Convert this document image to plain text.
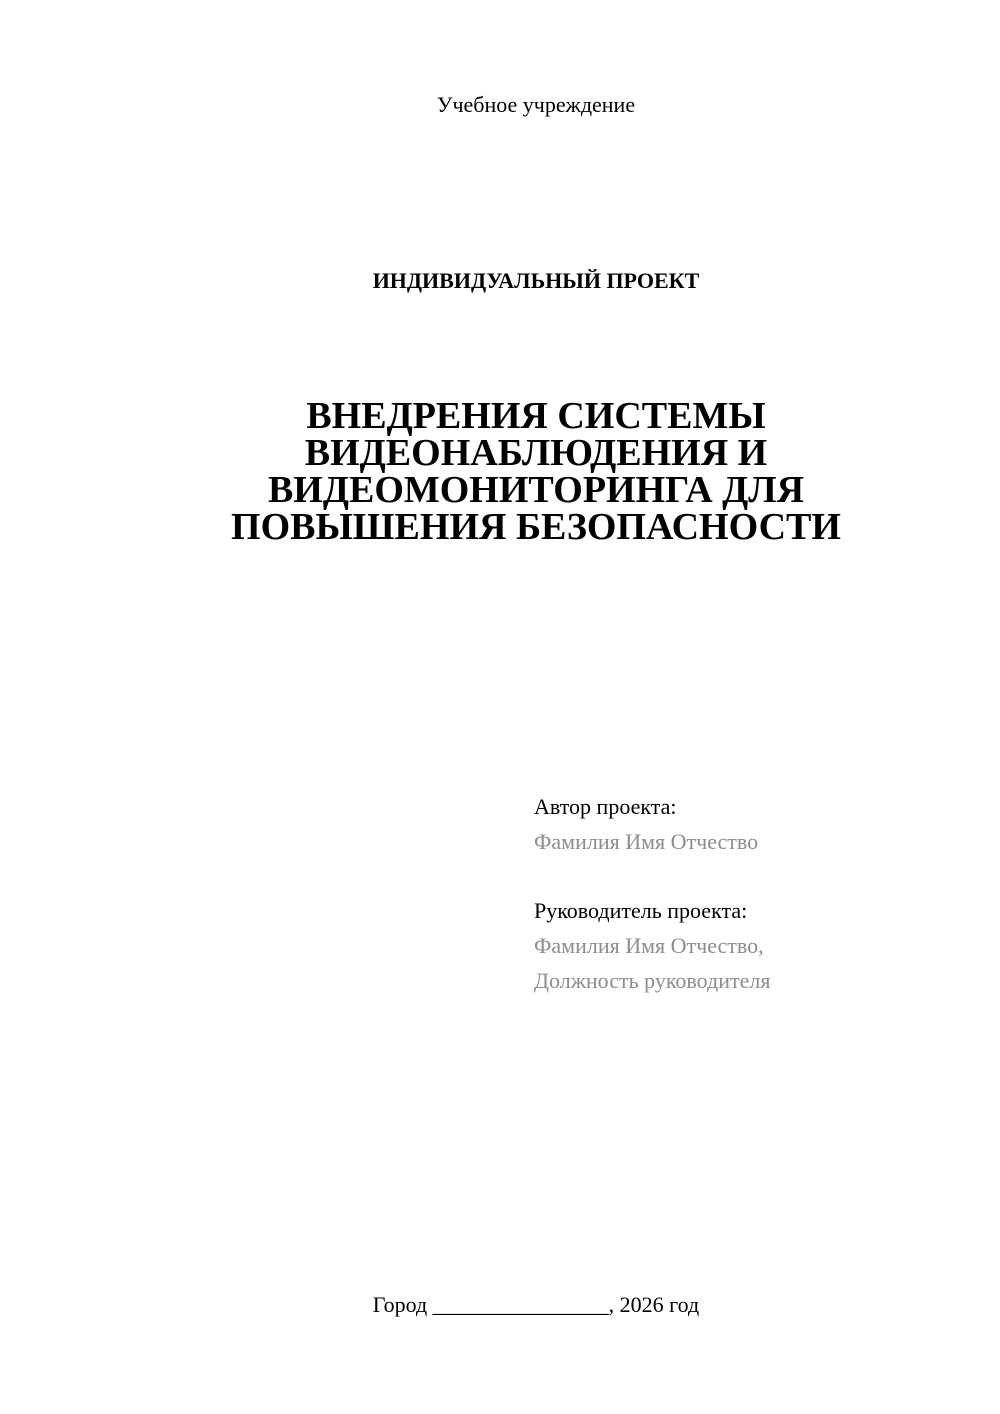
Учебное учреждение
ИНДИВИДУАЛЬНЫЙ ПРОЕКТ
ВНЕДРЕНИЯ СИСТЕМЫ
ВИДЕОНАБЛЮДЕНИЯ И
ВИДЕОМОНИТОРИНГА ДЛЯ
ПОВЫШЕНИЯ БЕЗОПАСНОСТИ
Автор проекта:
Фамилия Имя Отчество
Руководитель проекта:
Фамилия Имя Отчество,
Должность руководителя
Город ________________, 2026 год
